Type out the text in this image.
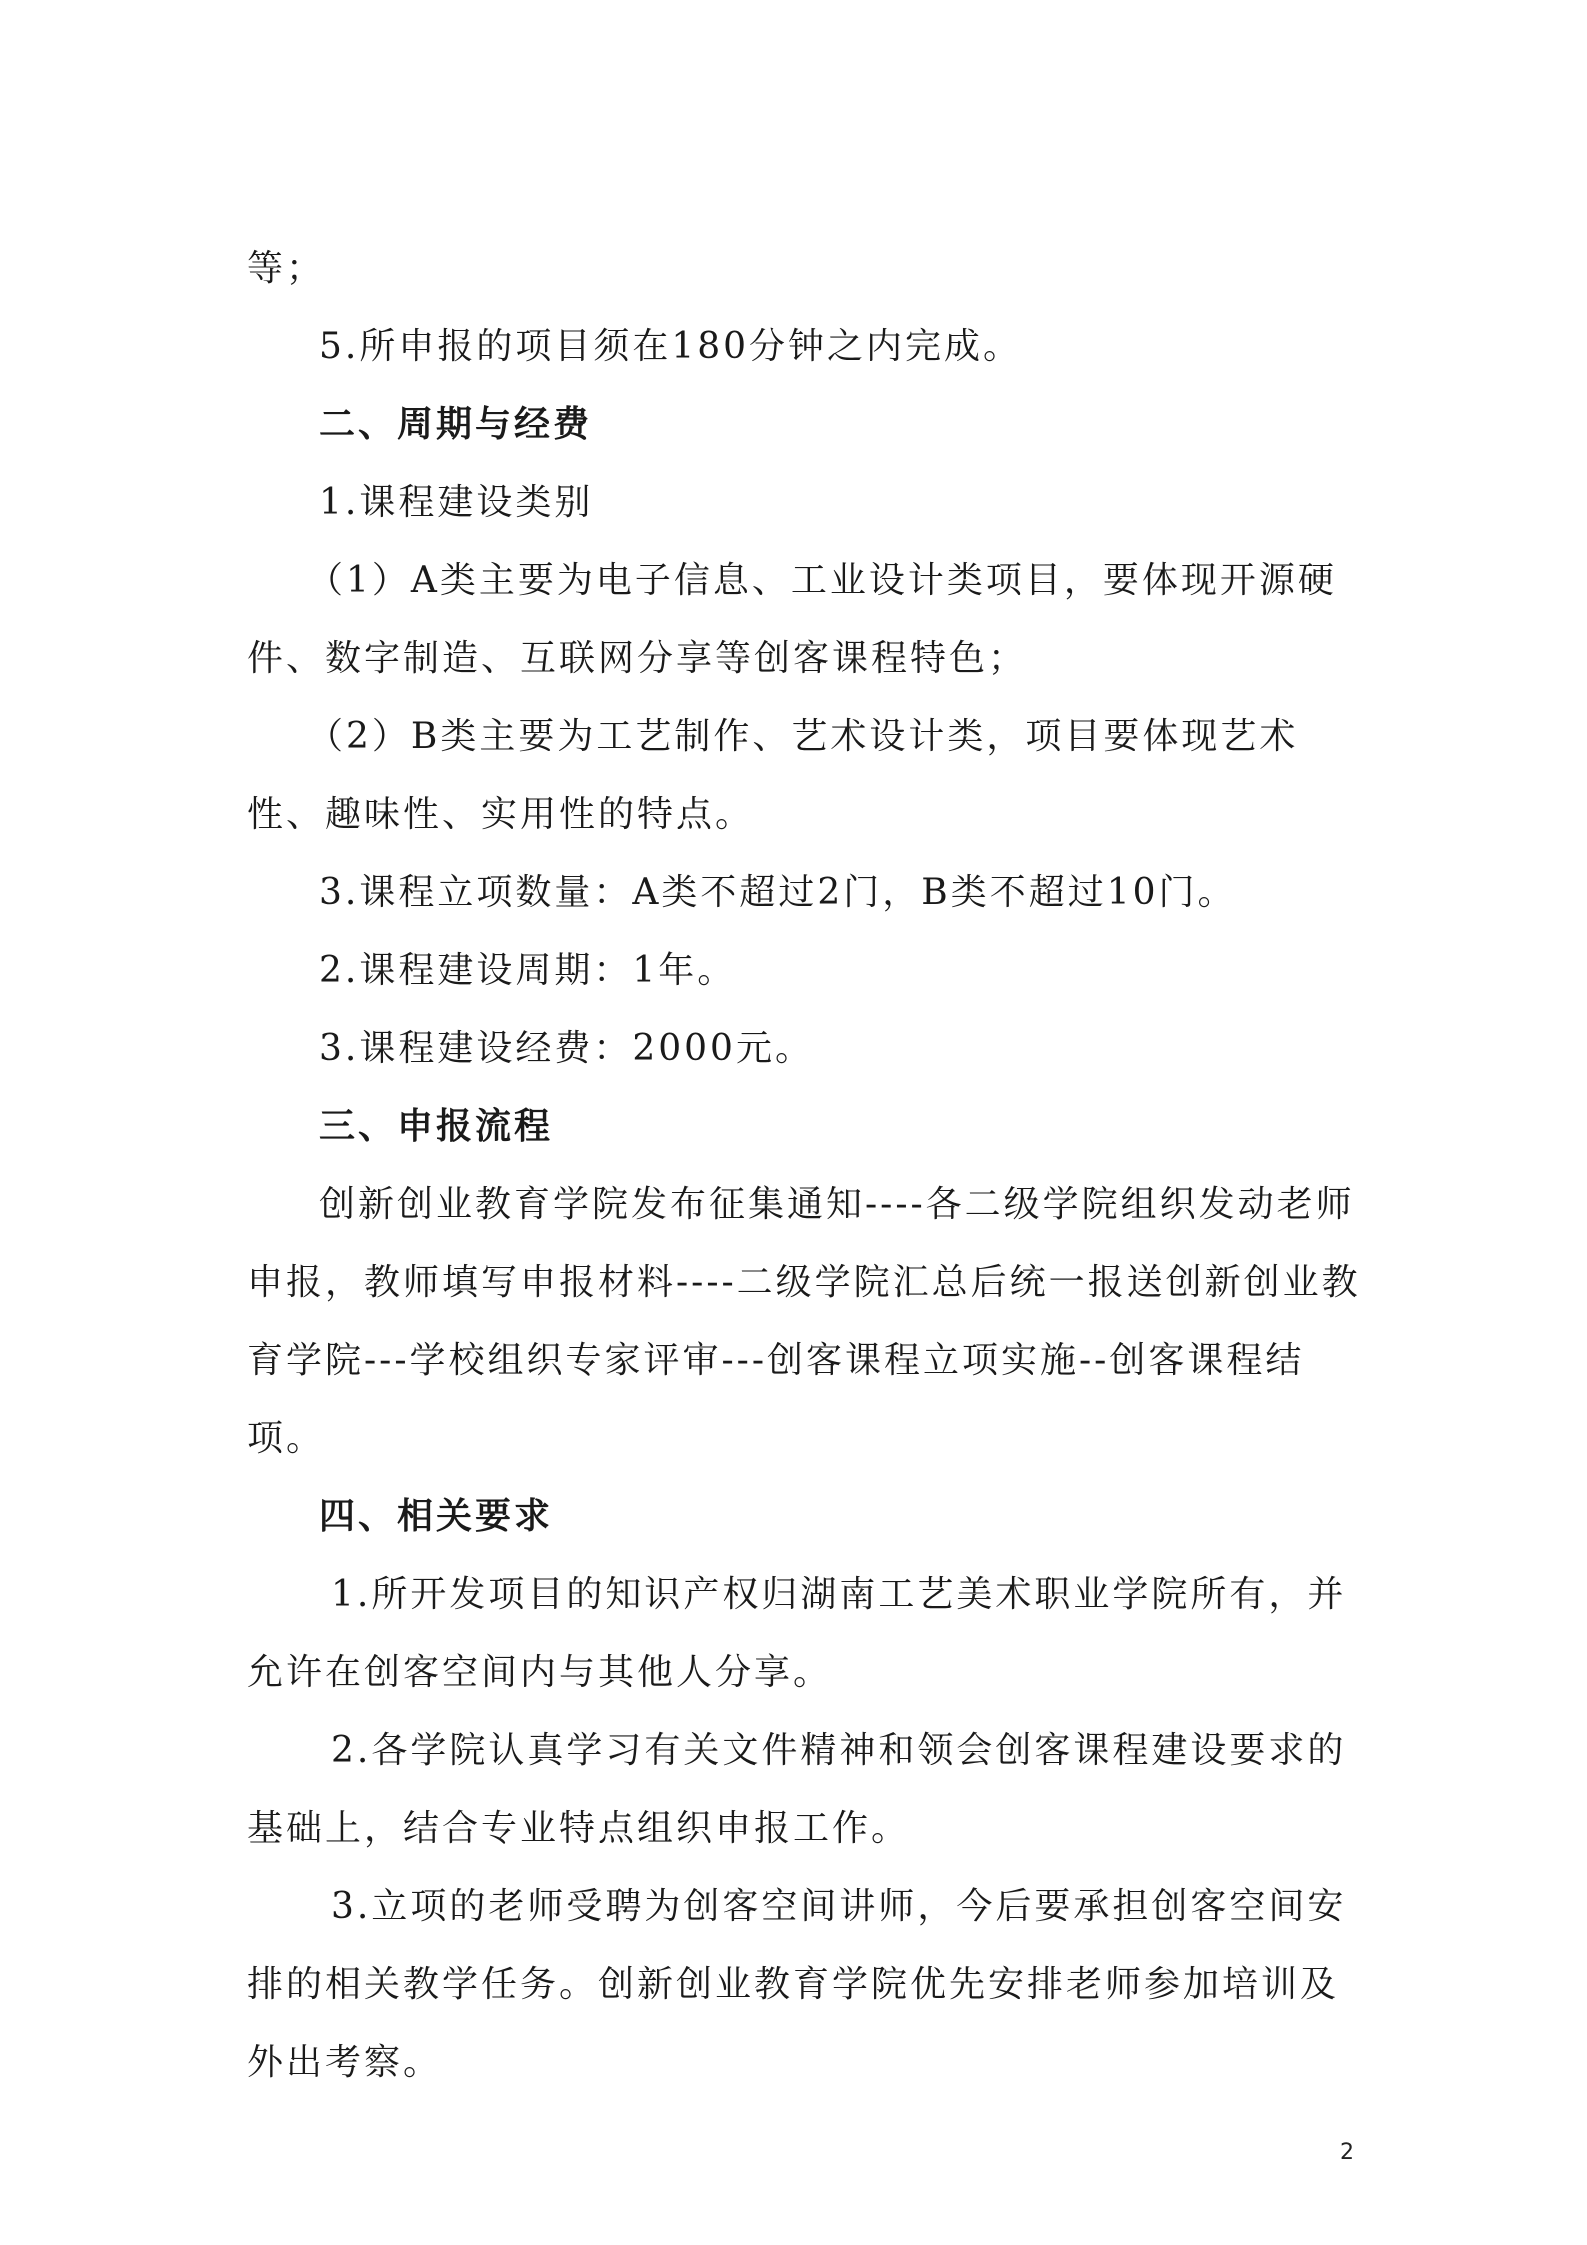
等；

5.所申报的项目须在180分钟之内完成。

二、周期与经费

1.课程建设类别

（1）A类主要为电子信息、工业设计类项目，要体现开源硬件、数字制造、互联网分享等创客课程特色；

（2）B类主要为工艺制作、艺术设计类，项目要体现艺术性、趣味性、实用性的特点。

3.课程立项数量：A类不超过2门，B类不超过10门。

2.课程建设周期：1年。

3.课程建设经费：2000元。

三、申报流程

创新创业教育学院发布征集通知----各二级学院组织发动老师申报，教师填写申报材料----二级学院汇总后统一报送创新创业教育学院---学校组织专家评审---创客课程立项实施--创客课程结项。

四、相关要求

1.所开发项目的知识产权归湖南工艺美术职业学院所有，并允许在创客空间内与其他人分享。

2.各学院认真学习有关文件精神和领会创客课程建设要求的基础上，结合专业特点组织申报工作。

3.立项的老师受聘为创客空间讲师，今后要承担创客空间安排的相关教学任务。创新创业教育学院优先安排老师参加培训及外出考察。

2
